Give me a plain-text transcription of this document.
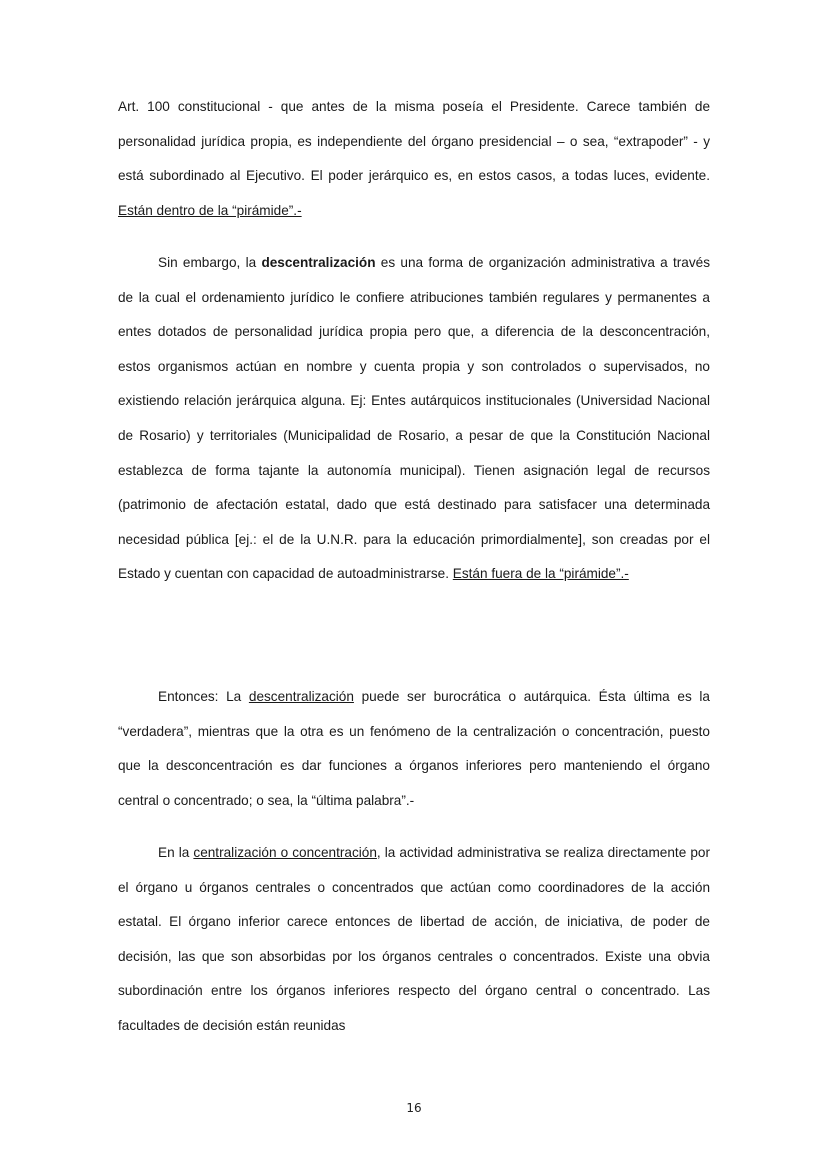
Art. 100 constitucional - que antes de la misma poseía el Presidente. Carece también de personalidad jurídica propia, es independiente del órgano presidencial – o sea, “extrapoder” - y está subordinado al Ejecutivo. El poder jerárquico es, en estos casos, a todas luces, evidente. Están dentro de la “pirámide”.-

Sin embargo, la descentralización es una forma de organización administrativa a través de la cual el ordenamiento jurídico le confiere atribuciones también regulares y permanentes a entes dotados de personalidad jurídica propia pero que, a diferencia de la desconcentración, estos organismos actúan en nombre y cuenta propia y son controlados o supervisados, no existiendo relación jerárquica alguna. Ej: Entes autárquicos institucionales (Universidad Nacional de Rosario) y territoriales (Municipalidad de Rosario, a pesar de que la Constitución Nacional establezca de forma tajante la autonomía municipal). Tienen asignación legal de recursos (patrimonio de afectación estatal, dado que está destinado para satisfacer una determinada necesidad pública [ej.: el de la U.N.R. para la educación primordialmente], son creadas por el Estado y cuentan con capacidad de autoadministrarse. Están fuera de la “pirámide”.-

Entonces: La descentralización puede ser burocrática o autárquica. Ésta última es la “verdadera”, mientras que la otra es un fenómeno de la centralización o concentración, puesto que la desconcentración es dar funciones a órganos inferiores pero manteniendo el órgano central o concentrado; o sea, la “última palabra”.-

En la centralización o concentración, la actividad administrativa se realiza directamente por el órgano u órganos centrales o concentrados que actúan como coordinadores de la acción estatal. El órgano inferior carece entonces de libertad de acción, de iniciativa, de poder de decisión, las que son absorbidas por los órganos centrales o concentrados. Existe una obvia subordinación entre los órganos inferiores respecto del órgano central o concentrado. Las facultades de decisión están reunidas

16
